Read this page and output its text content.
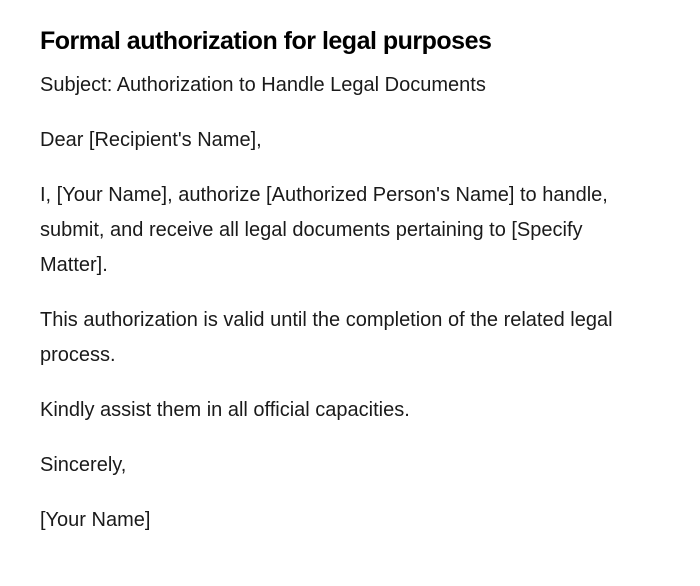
Formal authorization for legal purposes

Subject: Authorization to Handle Legal Documents

Dear [Recipient's Name],

I, [Your Name], authorize [Authorized Person's Name] to handle, submit, and receive all legal documents pertaining to [Specify Matter].

This authorization is valid until the completion of the related legal process.

Kindly assist them in all official capacities.

Sincerely,

[Your Name]
